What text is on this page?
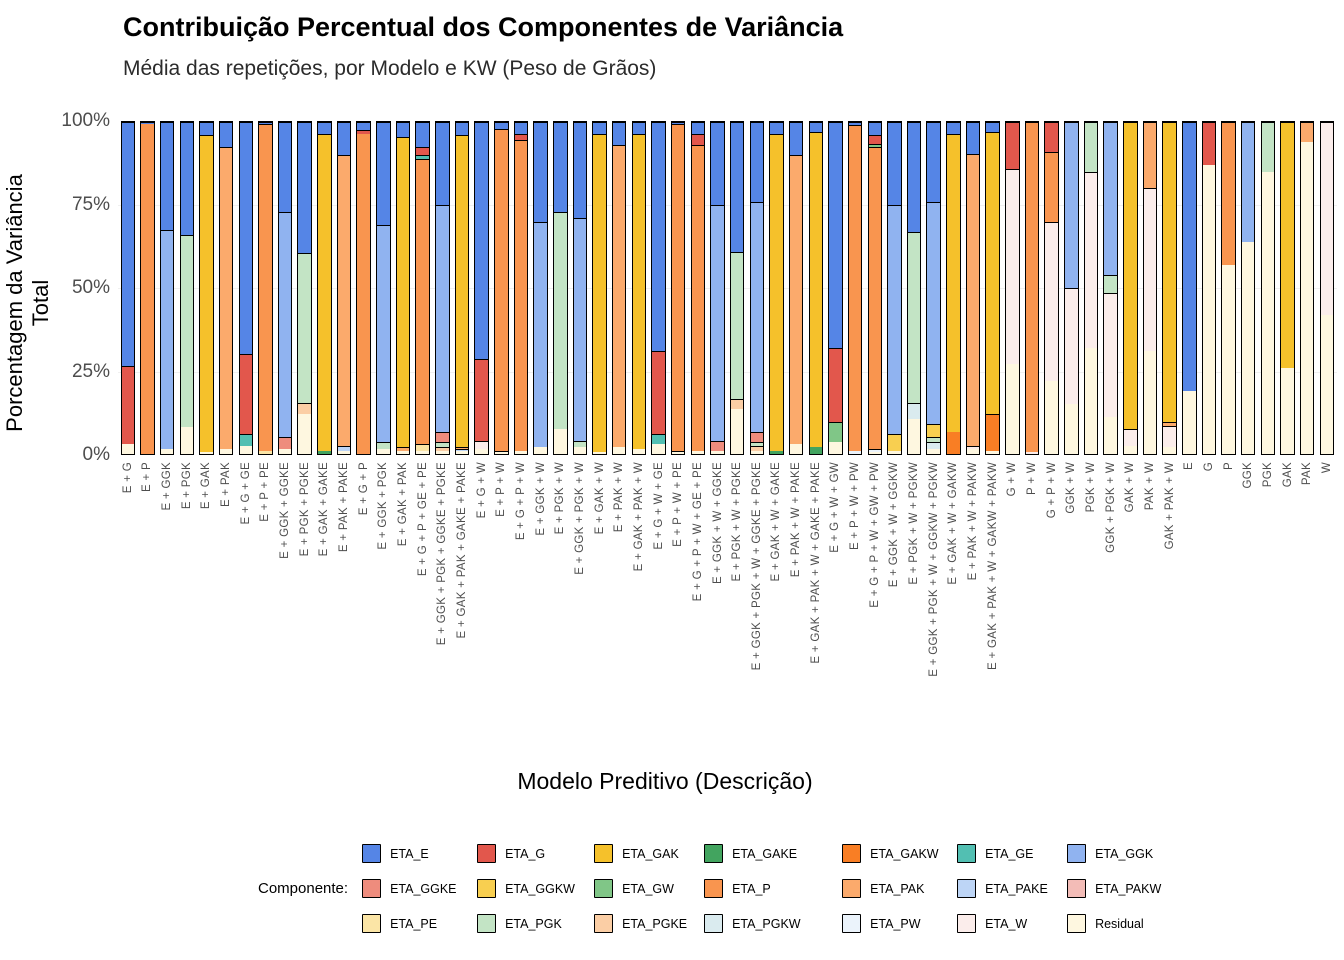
Contribuição Percentual dos Componentes de Variância
Média das repetições, por Modelo e KW (Peso de Grãos)
Porcentagem da Variância Total
0%
25%
50%
75%
100%
E + G E + P E + GGK E + PGK E + GAK E + PAK E + G + GE E + P + PE E + GGK + GGKE E + PGK + PGKE E + GAK + GAKE E + PAK + PAKE E + G + P E + GGK + PGK E + GAK + PAK E + G + P + GE + PE E + GGK + PGK + GGKE + PGKE E + GAK + PAK + GAKE + PAKE E + G + W E + P + W E + G + P + W E + GGK + W E + PGK + W E + GGK + PGK + W E + GAK + W E + PAK + W E + GAK + PAK + W E + G + W + GE E + P + W + PE E + G + P + W + GE + PE E + GGK + W + GGKE E + PGK + W + PGKE E + GGK + PGK + W + GGKE + PGKE E + GAK + W + GAKE E + PAK + W + PAKE E + GAK + PAK + W + GAKE + PAKE E + G + W + GW E + P + W + PW E + G + P + W + GW + PW E + GGK + W + GGKW E + PGK + W + PGKW E + GGK + PGK + W + GGKW + PGKW E + GAK + W + GAKW E + PAK + W + PAKW E + GAK + PAK + W + GAKW + PAKW G + W P + W G + P + W GGK + W PGK + W GGK + PGK + W GAK + W PAK + W GAK + PAK + W E G P GGK PGK GAK PAK W
Modelo Preditivo (Descrição)
Componente:
ETA_E	ETA_G	ETA_GAK	ETA_GAKE	ETA_GAKW	ETA_GE	ETA_GGK
ETA_GGKE	ETA_GGKW	ETA_GW	ETA_P	ETA_PAK	ETA_PAKE	ETA_PAKW
ETA_PE	ETA_PGK	ETA_PGKE	ETA_PGKW	ETA_PW	ETA_W	Residual
